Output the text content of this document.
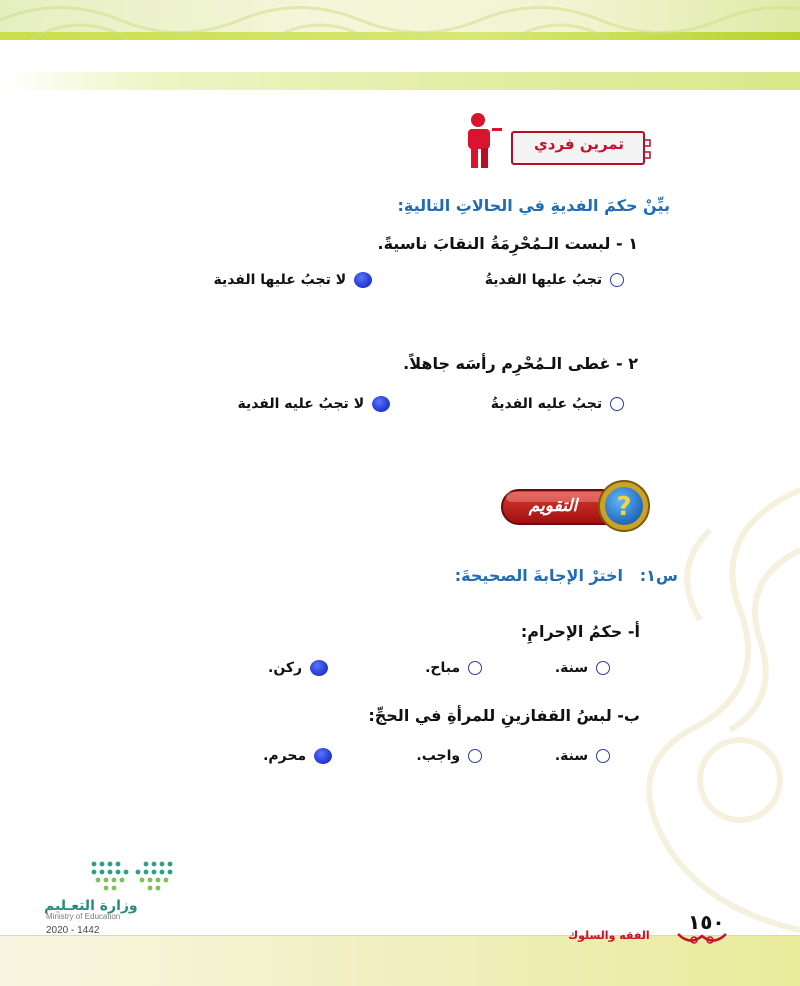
تمرين فردي
بيِّنْ حكمَ الفديةِ في الحالاتِ التاليةِ:
١ - لبست الـمُحْرِمَةُ النقابَ ناسيةً.
تجبُ عليها الفديةُ
لا تجبُ عليها الفدية
٢ - غطى الـمُحْرِم رأسَه جاهلاً.
تجبُ عليه الفديةُ
لا تجبُ عليه الفدية
?
التقويم
س١:   اخترْ الإجابةَ الصحيحةَ:
أ- حكمُ الإحرامِ:
سنة.
مباح.
ركن.
ب- لبسُ القفازينِ للمرأةِ في الحجِّ:
سنة.
واجب.
محرم.
١٥٠
الفقه والسلوك
وزارة التعـليم
Ministry of Education
2020 - 1442
